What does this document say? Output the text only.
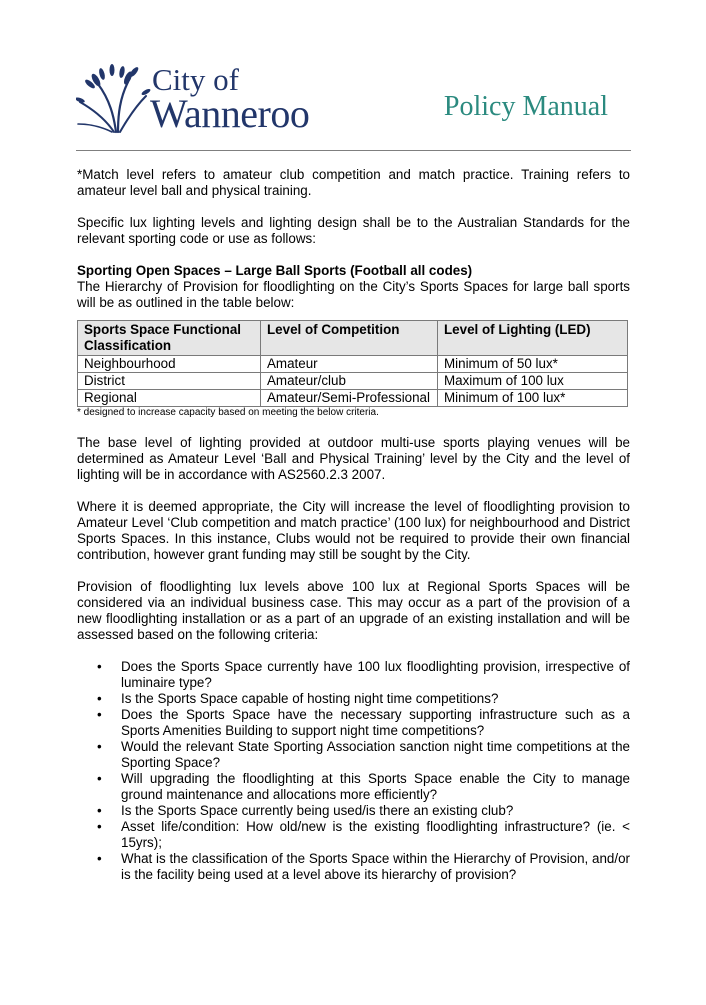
City of
Wanneroo	Policy Manual

*Match level refers to amateur club competition and match practice. Training refers to amateur level ball and physical training.

Specific lux lighting levels and lighting design shall be to the Australian Standards for the relevant sporting code or use as follows:

Sporting Open Spaces – Large Ball Sports (Football all codes)

The Hierarchy of Provision for floodlighting on the City’s Sports Spaces for large ball sports will be as outlined in the table below:

Sports Space Functional Classification	Level of Competition	Level of Lighting (LED)
Neighbourhood	Amateur	Minimum of 50 lux*
District	Amateur/club	Maximum of 100 lux
Regional	Amateur/Semi-Professional	Minimum of 100 lux*

* designed to increase capacity based on meeting the below criteria.

The base level of lighting provided at outdoor multi-use sports playing venues will be determined as Amateur Level ‘Ball and Physical Training’ level by the City and the level of lighting will be in accordance with AS2560.2.3 2007.

Where it is deemed appropriate, the City will increase the level of floodlighting provision to Amateur Level ‘Club competition and match practice’ (100 lux) for neighbourhood and District Sports Spaces. In this instance, Clubs would not be required to provide their own financial contribution, however grant funding may still be sought by the City.

Provision of floodlighting lux levels above 100 lux at Regional Sports Spaces will be considered via an individual business case. This may occur as a part of the provision of a new floodlighting installation or as a part of an upgrade of an existing installation and will be assessed based on the following criteria:

• Does the Sports Space currently have 100 lux floodlighting provision, irrespective of luminaire type?
• Is the Sports Space capable of hosting night time competitions?
• Does the Sports Space have the necessary supporting infrastructure such as a Sports Amenities Building to support night time competitions?
• Would the relevant State Sporting Association sanction night time competitions at the Sporting Space?
• Will upgrading the floodlighting at this Sports Space enable the City to manage ground maintenance and allocations more efficiently?
• Is the Sports Space currently being used/is there an existing club?
• Asset life/condition: How old/new is the existing floodlighting infrastructure? (ie. < 15yrs);
• What is the classification of the Sports Space within the Hierarchy of Provision, and/or is the facility being used at a level above its hierarchy of provision?
